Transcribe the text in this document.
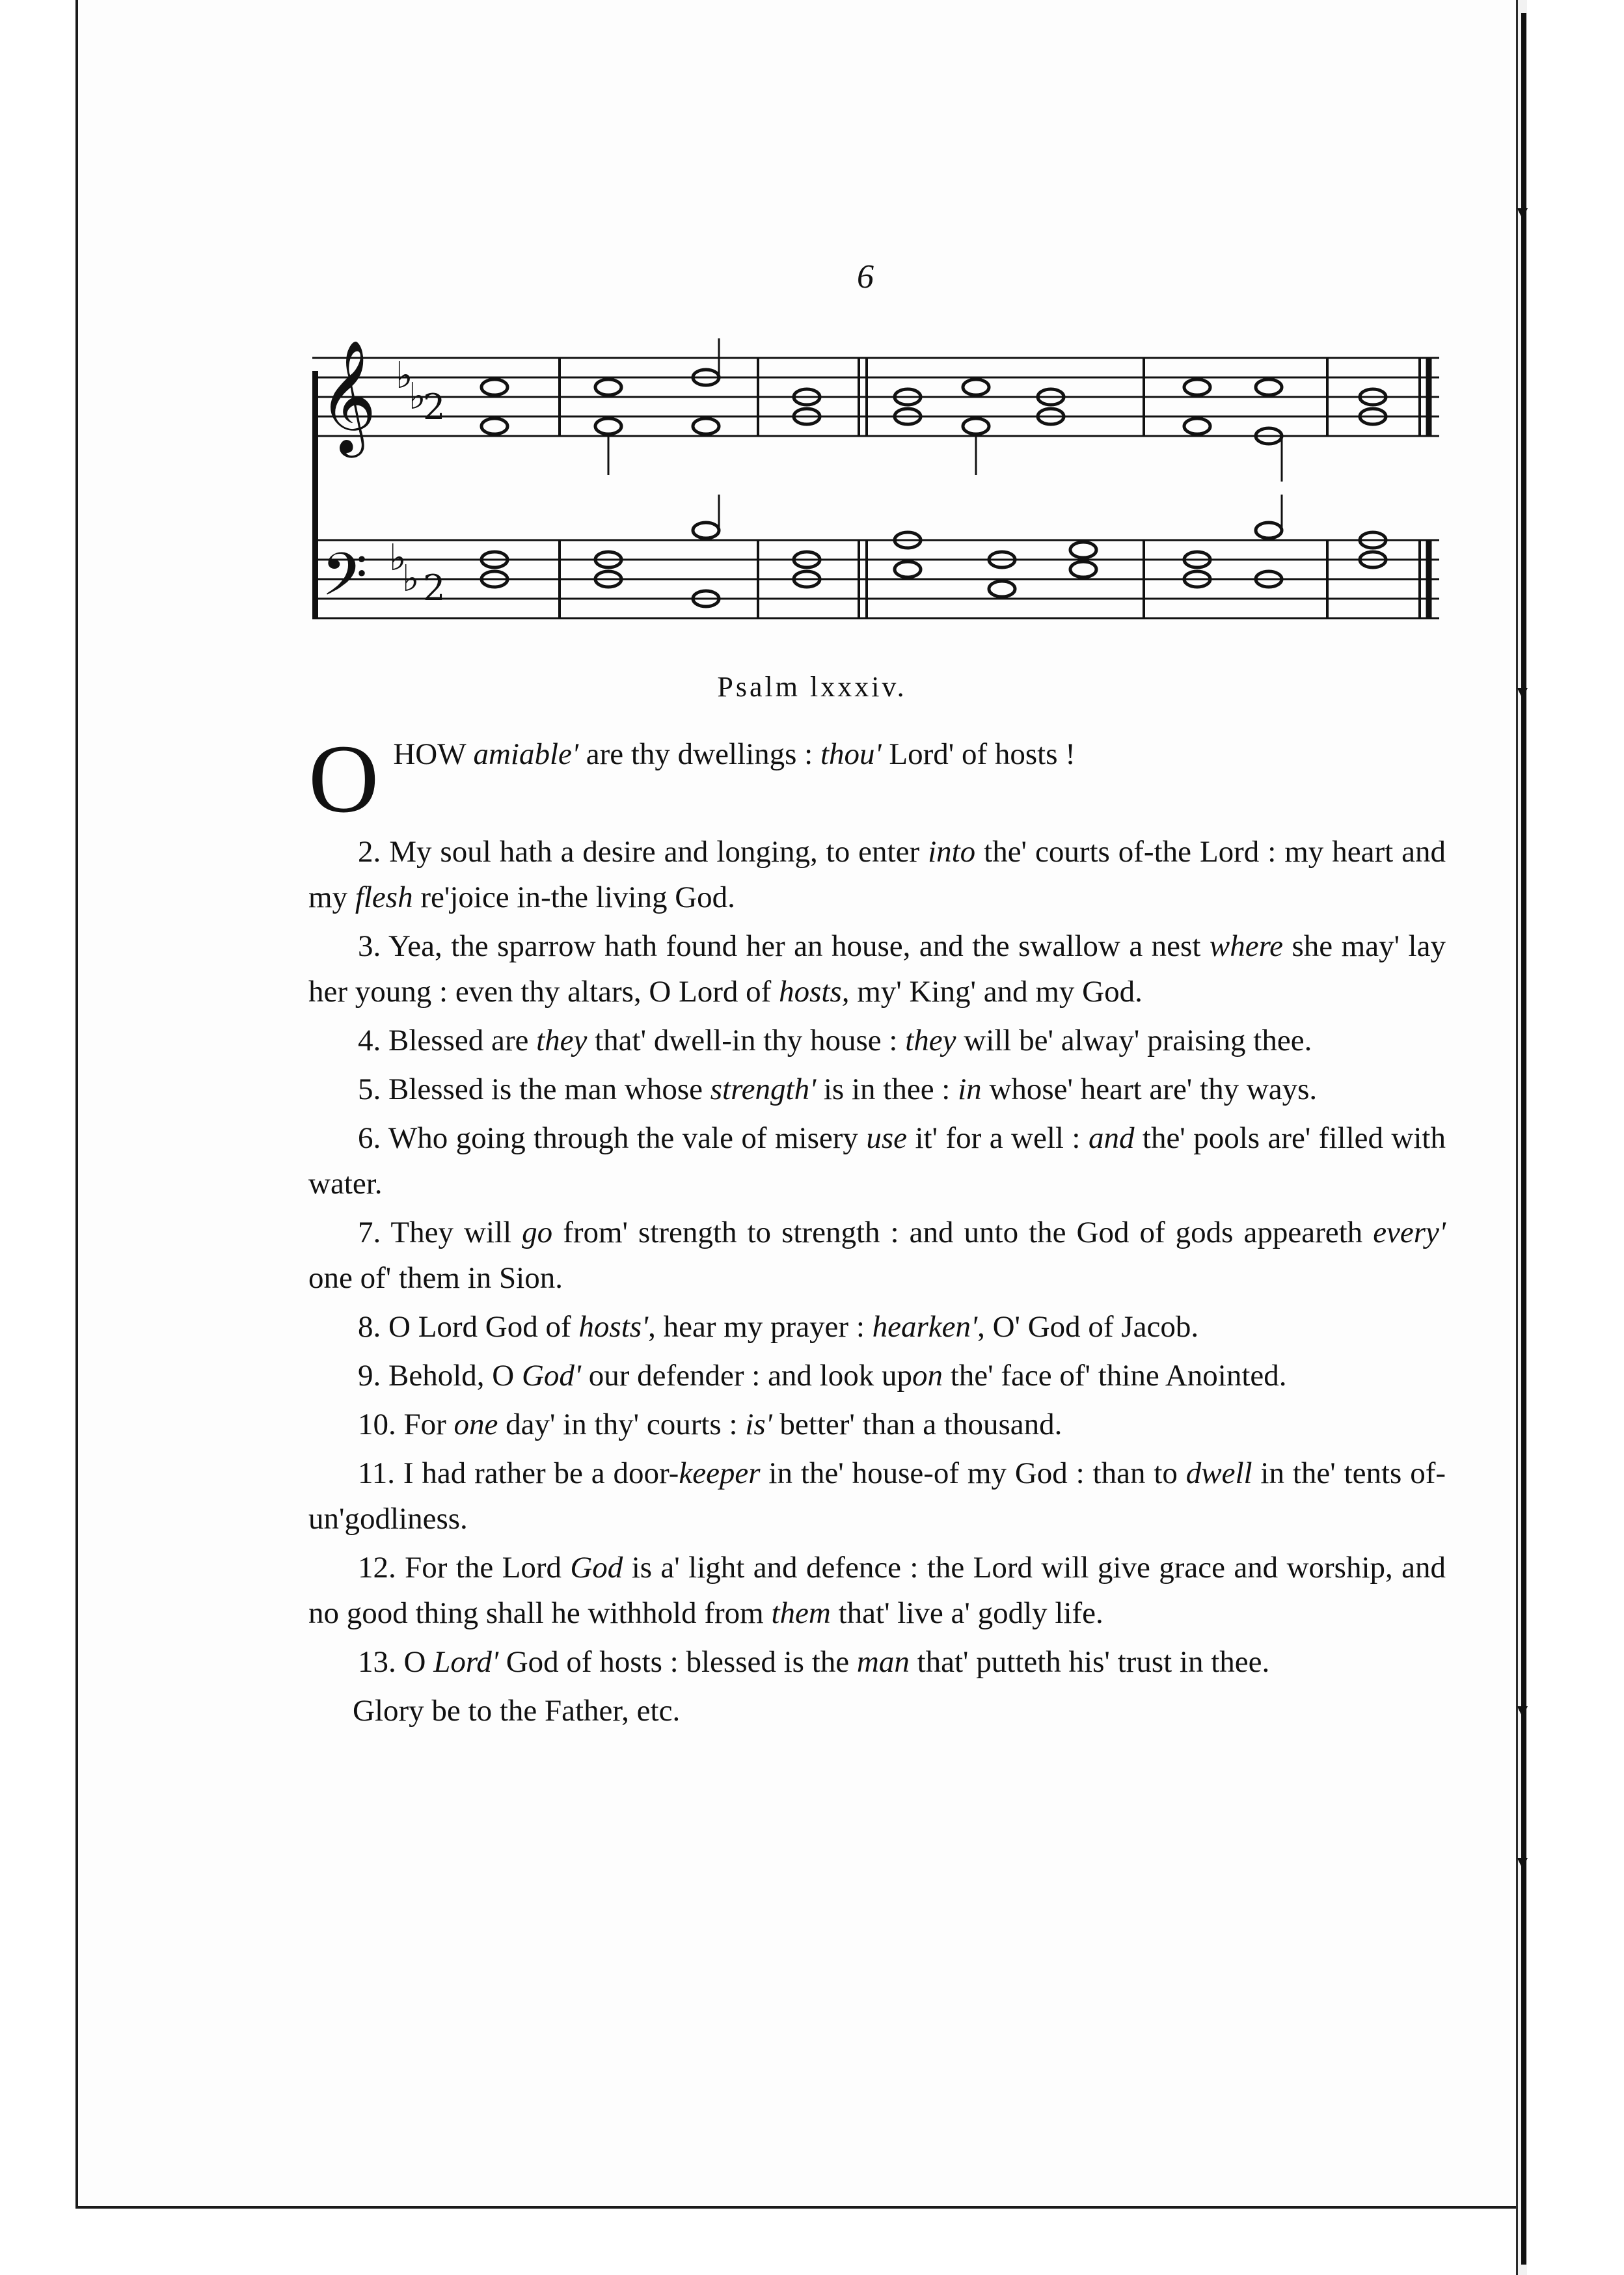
▼
▼
▼
▼
6
𝄞
𝄢
♭
♭
♭
♭
2
2
Psalm lxxxiv.

O HOW amiable' are thy dwellings : thou' Lord' of hosts !

2. My soul hath a desire and longing, to enter into the' courts of-the Lord : my heart and my flesh re'joice in-the living God.

3. Yea, the sparrow hath found her an house, and the swallow a nest where she may' lay her young : even thy altars, O Lord of hosts, my' King' and my God.

4. Blessed are they that' dwell-in thy house : they will be' alway' praising thee.

5. Blessed is the man whose strength' is in thee : in whose' heart are' thy ways.

6. Who going through the vale of misery use it' for a well : and the' pools are' filled with water.

7. They will go from' strength to strength : and unto the God of gods appeareth every' one of' them in Sion.

8. O Lord God of hosts', hear my prayer : hearken', O' God of Jacob.

9. Behold, O God' our defender : and look upon the' face of' thine Anointed.

10. For one day' in thy' courts : is' better' than a thousand.

11. I had rather be a door-keeper in the' house-of my God : than to dwell in the' tents of-un'godliness.

12. For the Lord God is a' light and defence : the Lord will give grace and worship, and no good thing shall he withhold from them that' live a' godly life.

13. O Lord' God of hosts : blessed is the man that' putteth his' trust in thee.

Glory be to the Father, etc.
